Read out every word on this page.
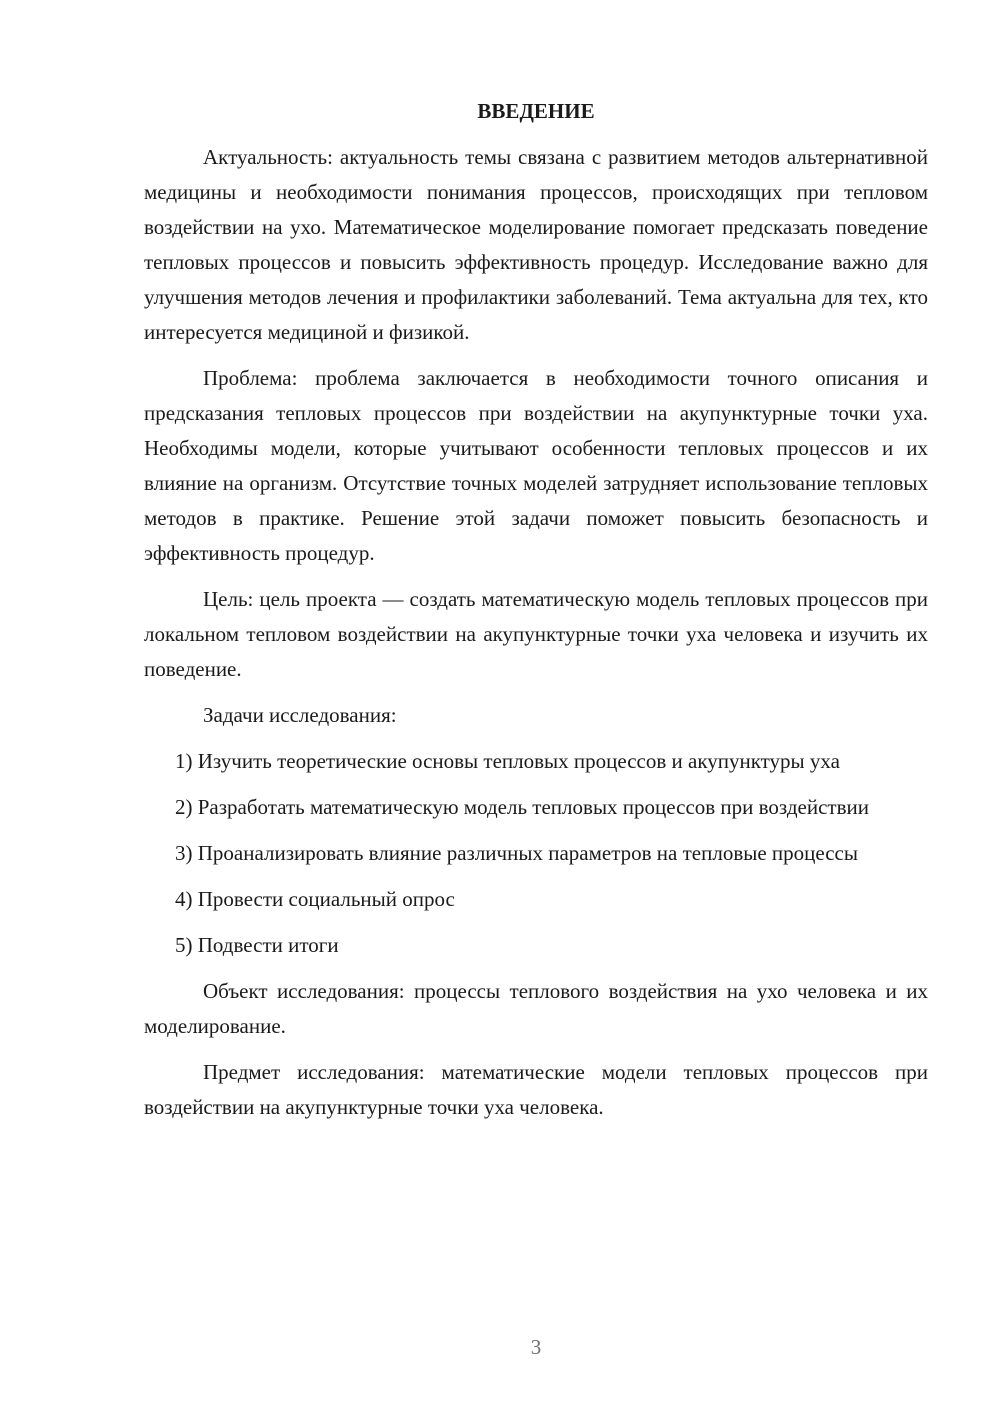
ВВЕДЕНИЕ

Актуальность: актуальность темы связана с развитием методов альтернативной медицины и необходимости понимания процессов, происходящих при тепловом воздействии на ухо. Математическое моделирование помогает предсказать поведение тепловых процессов и повысить эффективность процедур. Исследование важно для улучшения методов лечения и профилактики заболеваний. Тема актуальна для тех, кто интересуется медициной и физикой.

Проблема: проблема заключается в необходимости точного описания и предсказания тепловых процессов при воздействии на акупунктурные точки уха. Необходимы модели, которые учитывают особенности тепловых процессов и их влияние на организм. Отсутствие точных моделей затрудняет использование тепловых методов в практике. Решение этой задачи поможет повысить безопасность и эффективность процедур.

Цель: цель проекта — создать математическую модель тепловых процессов при локальном тепловом воздействии на акупунктурные точки уха человека и изучить их поведение.

Задачи исследования:

1) Изучить теоретические основы тепловых процессов и акупунктуры уха

2) Разработать математическую модель тепловых процессов при воздействии

3) Проанализировать влияние различных параметров на тепловые процессы

4) Провести социальный опрос

5) Подвести итоги

Объект исследования: процессы теплового воздействия на ухо человека и их моделирование.

Предмет исследования: математические модели тепловых процессов при воздействии на акупунктурные точки уха человека.

3
